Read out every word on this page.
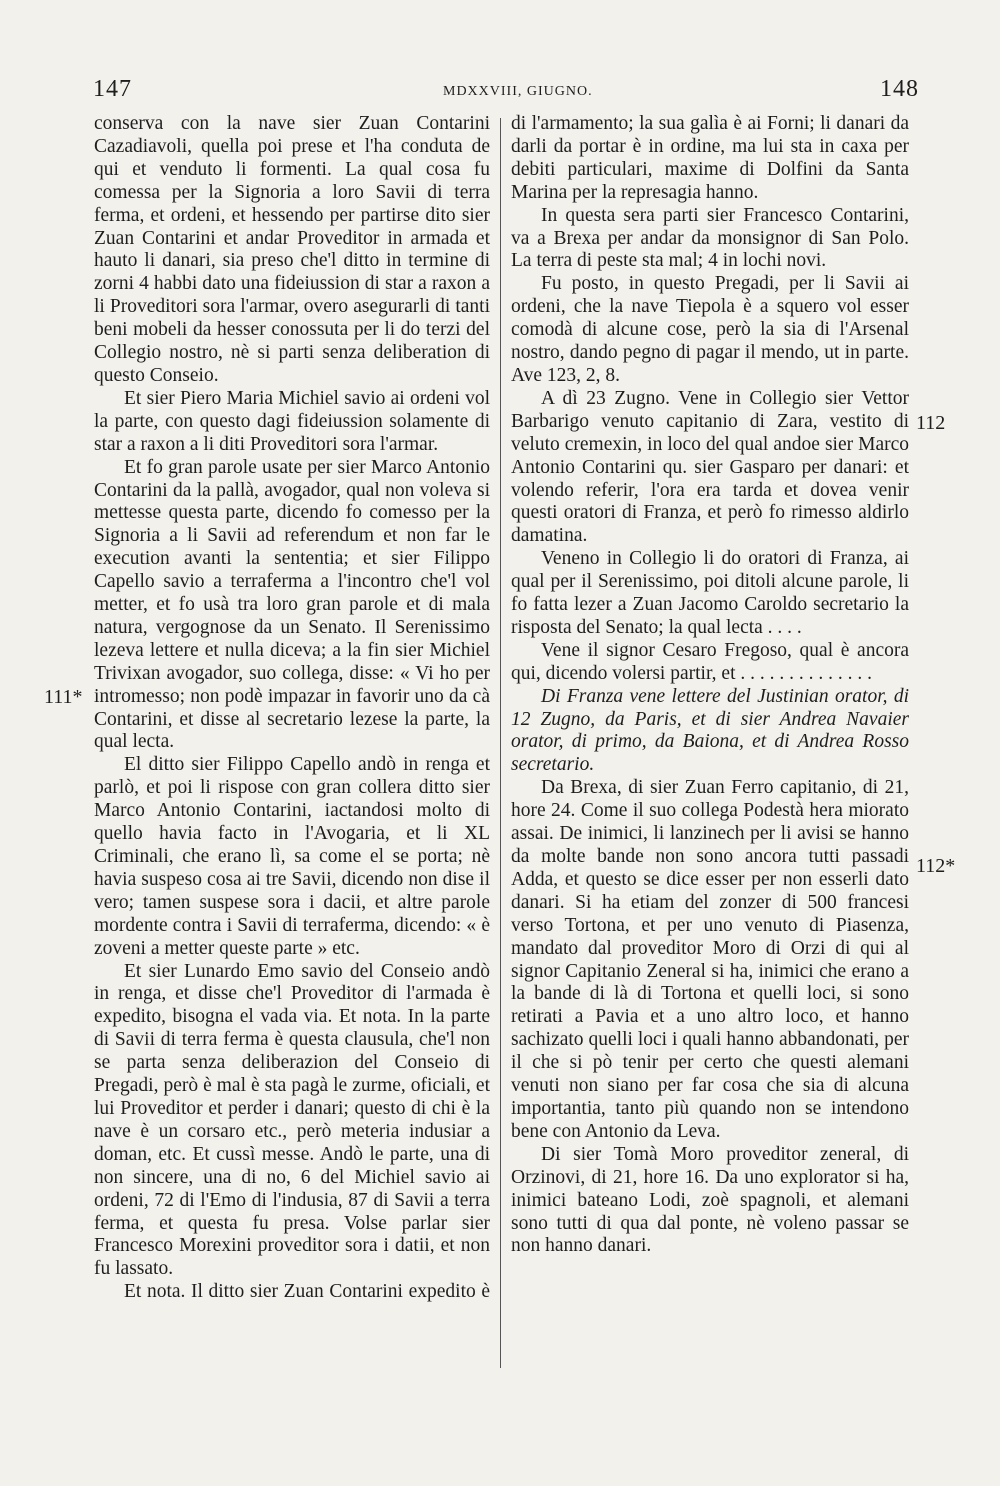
147	MDXXVIII, GIUGNO.	148
111*
112
112*

conserva con la nave sier Zuan Contarini Cazadiavoli, quella poi prese et l'ha conduta de qui et venduto li formenti. La qual cosa fu comessa per la Signoria a loro Savii di terra ferma, et ordeni, et hessendo per partirse dito sier Zuan Contarini et andar Proveditor in armada et hauto li danari, sia preso che'l ditto in termine di zorni 4 habbi dato una fideiussion di star a raxon a li Proveditori sora l'armar, overo asegurarli di tanti beni mobeli da hesser conossuta per li do terzi del Collegio nostro, nè si parti senza deliberation di questo Conseio.

Et sier Piero Maria Michiel savio ai ordeni vol la parte, con questo dagi fideiussion solamente di star a raxon a li diti Proveditori sora l'armar.

Et fo gran parole usate per sier Marco Antonio Contarini da la pallà, avogador, qual non voleva si mettesse questa parte, dicendo fo comesso per la Signoria a li Savii ad referendum et non far le execution avanti la sententia; et sier Filippo Capello savio a terraferma a l'incontro che'l vol metter, et fo usà tra loro gran parole et di mala natura, vergognose da un Senato. Il Serenissimo lezeva lettere et nulla diceva; a la fin sier Michiel Trivixan avogador, suo collega, disse: « Vi ho per intromesso; non podè impazar in favorir uno da cà Contarini, et disse al secretario lezese la parte, la qual lecta.

El ditto sier Filippo Capello andò in renga et parlò, et poi li rispose con gran collera ditto sier Marco Antonio Contarini, iactandosi molto di quello havia facto in l'Avogaria, et li XL Criminali, che erano lì, sa come el se porta; nè havia suspeso cosa ai tre Savii, dicendo non dise il vero; tamen suspese sora i dacii, et altre parole mordente contra i Savii di terraferma, dicendo: « è zoveni a metter queste parte » etc.

Et sier Lunardo Emo savio del Conseio andò in renga, et disse che'l Proveditor di l'armada è expedito, bisogna el vada via. Et nota. In la parte di Savii di terra ferma è questa clausula, che'l non se parta senza deliberazion del Conseio di Pregadi, però è mal è sta pagà le zurme, oficiali, et lui Proveditor et perder i danari; questo di chi è la nave è un corsaro etc., però meteria indusiar a doman, etc. Et cussì messe. Andò le parte, una di non sincere, una di no, 6 del Michiel savio ai ordeni, 72 di l'Emo di l'indusia, 87 di Savii a terra ferma, et questa fu presa. Volse parlar sier Francesco Morexini proveditor sora i datii, et non fu lassato.

Et nota. Il ditto sier Zuan Contarini expedito è

di l'armamento; la sua galìa è ai Forni; li danari da darli da portar è in ordine, ma lui sta in caxa per debiti particulari, maxime di Dolfini da Santa Marina per la represagia hanno.

In questa sera parti sier Francesco Contarini, va a Brexa per andar da monsignor di San Polo. La terra di peste sta mal; 4 in lochi novi.

Fu posto, in questo Pregadi, per li Savii ai ordeni, che la nave Tiepola è a squero vol esser comodà di alcune cose, però la sia di l'Arsenal nostro, dando pegno di pagar il mendo, ut in parte. Ave 123, 2, 8.

A dì 23 Zugno. Vene in Collegio sier Vettor Barbarigo venuto capitanio di Zara, vestito di veluto cremexin, in loco del qual andoe sier Marco Antonio Contarini qu. sier Gasparo per danari: et volendo referir, l'ora era tarda et dovea venir questi oratori di Franza, et però fo rimesso aldirlo damatina.

Veneno in Collegio li do oratori di Franza, ai qual per il Serenissimo, poi ditoli alcune parole, li fo fatta lezer a Zuan Jacomo Caroldo secretario la risposta del Senato; la qual lecta . . . .

Vene il signor Cesaro Fregoso, qual è ancora qui, dicendo volersi partir, et . . . . . . . . . . . . . .

Di Franza vene lettere del Justinian orator, di 12 Zugno, da Paris, et di sier Andrea Navaier orator, di primo, da Baiona, et di Andrea Rosso secretario.

Da Brexa, di sier Zuan Ferro capitanio, di 21, hore 24. Come il suo collega Podestà hera miorato assai. De inimici, li lanzinech per li avisi se hanno da molte bande non sono ancora tutti passadi Adda, et questo se dice esser per non esserli dato danari. Si ha etiam del zonzer di 500 francesi verso Tortona, et per uno venuto di Piasenza, mandato dal proveditor Moro di Orzi di qui al signor Capitanio Zeneral si ha, inimici che erano a la bande di là di Tortona et quelli loci, si sono retirati a Pavia et a uno altro loco, et hanno sachizato quelli loci i quali hanno abbandonati, per il che si pò tenir per certo che questi alemani venuti non siano per far cosa che sia di alcuna importantia, tanto più quando non se intendono bene con Antonio da Leva.

Di sier Tomà Moro proveditor zeneral, di Orzinovi, di 21, hore 16. Da uno explorator si ha, inimici bateano Lodi, zoè spagnoli, et alemani sono tutti di qua dal ponte, nè voleno passar se non hanno danari.
